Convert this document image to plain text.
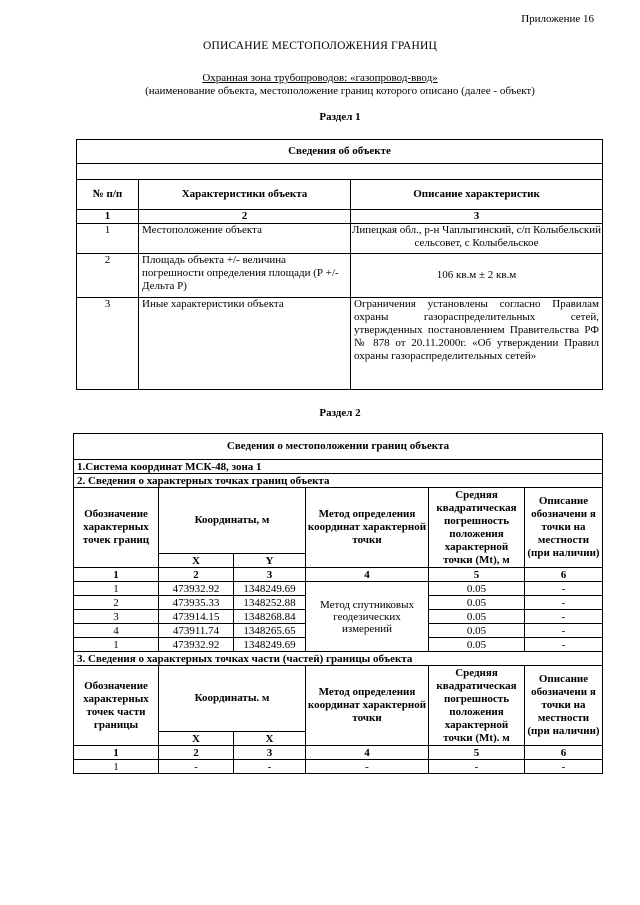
Приложение 16
ОПИСАНИЕ МЕСТОПОЛОЖЕНИЯ ГРАНИЦ
Охранная зона трубопроводов: «газопровод-ввод»
(наименование объекта, местоположение границ которого описано (далее - объект)
Раздел 1
Сведения об объекте		

№ п/п	Характеристики объекта	Описание характеристик
1	2	3
1	Местоположение объекта	Липецкая обл., р-н Чаплыгинский, с/п Колыбельский сельсовет, с Колыбельское
2	Площадь объекта +/- величина погрешности определения площади (Р +/- Дельта Р)	106 кв.м ± 2 кв.м
3	Иные характеристики объекта	Ограничения установлены согласно Правилам охраны газораспределительных сетей, утвержденных постановлением Правительства РФ № 878 от 20.11.2000г. «Об утверждении Правил охраны газораспределительных сетей»
Раздел 2
Сведения о местоположении границ объекта					
1.Система координат МСК-48, зона 1					
2. Сведения о характерных точках границ объекта					
Обозначение характерных точек границ	Координаты, м		Метод определения координат характерной точки	Средняя квадратическая погрешность положения характерной точки (Mt), м	Описание обозначени я точки на местности (при наличии)
	X	Y			
1	2	3	4	5	6
1	473932.92	1348249.69	Метод спутниковых геодезических измерений	0.05	-
2	473935.33	1348252.88		0.05	-
3	473914.15	1348268.84		0.05	-
4	473911.74	1348265.65		0.05	-
1	473932.92	1348249.69		0.05	-
3. Сведения о характерных точках части (частей) границы объекта					
Обозначение характерных точек части границы	Координаты. м		Метод определения координат характерной точки	Средняя квадратическая погрешность положения характерной точки (Mt). м	Описание обозначени я точки на местности (при наличии)
	X	X			
1	2	3	4	5	6
1	-	-	-	-	-
